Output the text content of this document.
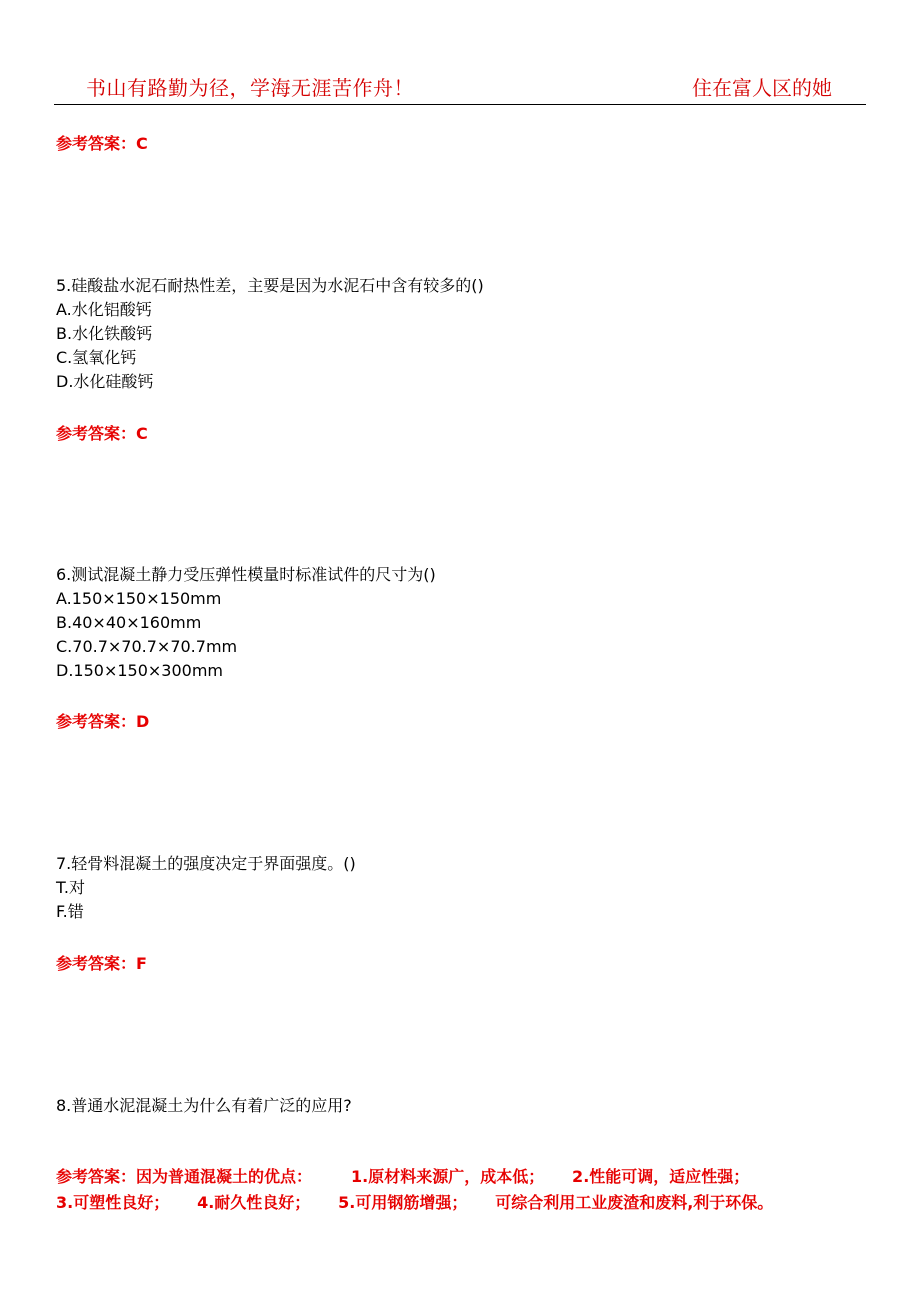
书山有路勤为径，学海无涯苦作舟！	住在富人区的她
参考答案：C
5.硅酸盐水泥石耐热性差，主要是因为水泥石中含有较多的()
A.水化铝酸钙
B.水化铁酸钙
C.氢氧化钙
D.水化硅酸钙
参考答案：C
6.测试混凝土静力受压弹性模量时标准试件的尺寸为()
A.150×150×150mm
B.40×40×160mm
C.70.7×70.7×70.7mm
D.150×150×300mm
参考答案：D
7.轻骨料混凝土的强度决定于界面强度。()
T.对
F.错
参考答案：F
8.普通水泥混凝土为什么有着广泛的应用?
参考答案：因为普通混凝土的优点：       1.原材料来源广，成本低；     2.性能可调，适应性强；
3.可塑性良好；     4.耐久性良好；     5.可用钢筋增强；     可综合利用工业废渣和废料,利于环保。
